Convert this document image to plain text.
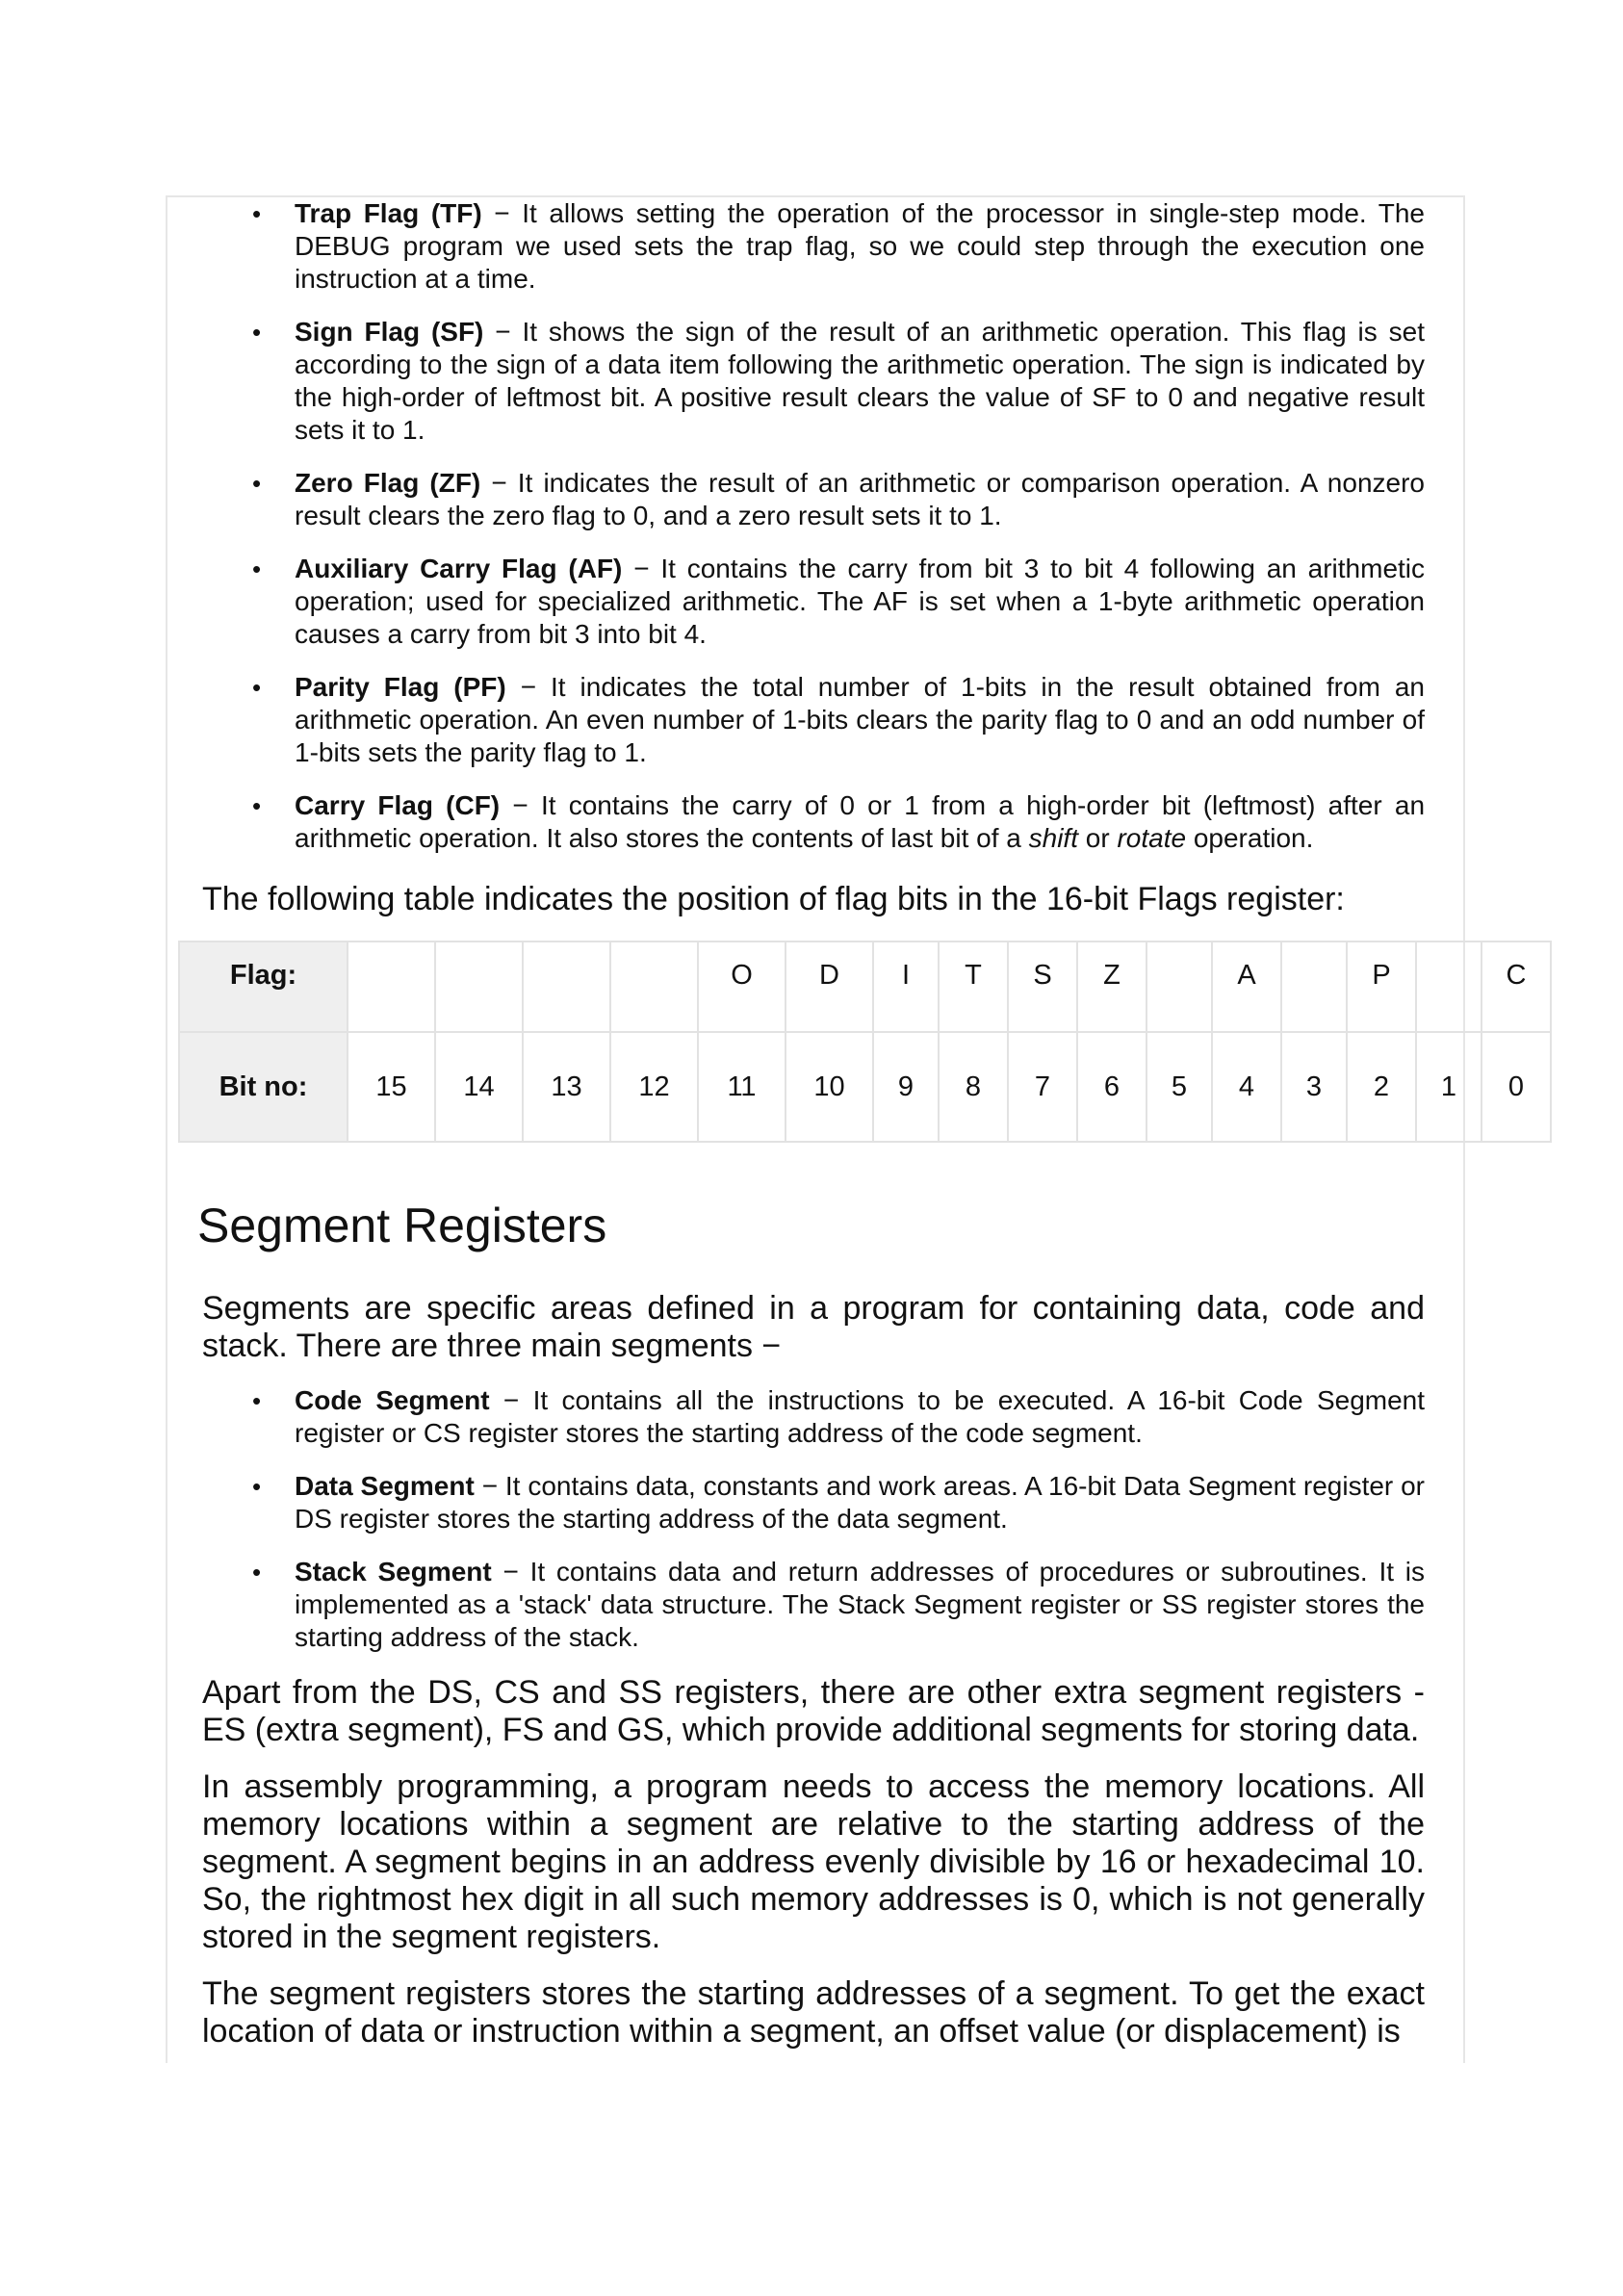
• Trap Flag (TF) − It allows setting the operation of the processor in single-step mode. The DEBUG program we used sets the trap flag, so we could step through the execution one instruction at a time.
• Sign Flag (SF) − It shows the sign of the result of an arithmetic operation. This flag is set according to the sign of a data item following the arithmetic operation. The sign is indicated by the high-order of leftmost bit. A positive result clears the value of SF to 0 and negative result sets it to 1.
• Zero Flag (ZF) − It indicates the result of an arithmetic or comparison operation. A nonzero result clears the zero flag to 0, and a zero result sets it to 1.
• Auxiliary Carry Flag (AF) − It contains the carry from bit 3 to bit 4 following an arithmetic operation; used for specialized arithmetic. The AF is set when a 1-byte arithmetic operation causes a carry from bit 3 into bit 4.
• Parity Flag (PF) − It indicates the total number of 1-bits in the result obtained from an arithmetic operation. An even number of 1-bits clears the parity flag to 0 and an odd number of 1-bits sets the parity flag to 1.
• Carry Flag (CF) − It contains the carry of 0 or 1 from a high-order bit (leftmost) after an arithmetic operation. It also stores the contents of last bit of a shift or rotate operation.

The following table indicates the position of flag bits in the 16-bit Flags register:

Flag:					O	D	I	T	S	Z		A		P		C
Bit no:	15	14	13	12	11	10	9	8	7	6	5	4	3	2	1	0
Segment Registers

Segments are specific areas defined in a program for containing data, code and stack. There are three main segments −

• Code Segment − It contains all the instructions to be executed. A 16-bit Code Segment register or CS register stores the starting address of the code segment.
• Data Segment − It contains data, constants and work areas. A 16-bit Data Segment register or DS register stores the starting address of the data segment.
• Stack Segment − It contains data and return addresses of procedures or subroutines. It is implemented as a 'stack' data structure. The Stack Segment register or SS register stores the starting address of the stack.

Apart from the DS, CS and SS registers, there are other extra segment registers - ES (extra segment), FS and GS, which provide additional segments for storing data.

In assembly programming, a program needs to access the memory locations. All memory locations within a segment are relative to the starting address of the segment. A segment begins in an address evenly divisible by 16 or hexadecimal 10. So, the rightmost hex digit in all such memory addresses is 0, which is not generally stored in the segment registers.

The segment registers stores the starting addresses of a segment. To get the exact location of data or instruction within a segment, an offset value (or displacement) is
